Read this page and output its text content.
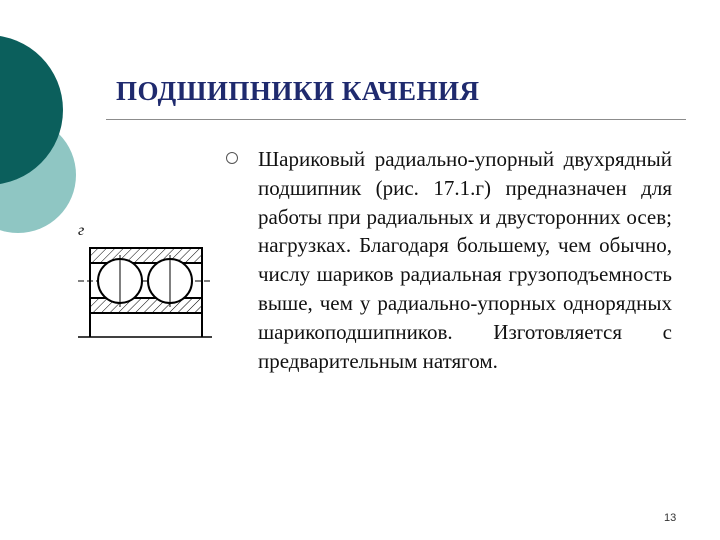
ПОДШИПНИКИ КАЧЕНИЯ
Шариковый радиально-упорный двухрядный подшипник (рис. 17.1.г) предназначен для работы при радиальных и двусторонних осев; нагрузках. Благодаря большему, чем обычно, числу шариков радиальная грузоподъемность выше, чем у радиально-упорных однорядных шарикоподшипников. Изготовляется с предварительным натягом.
г
13
